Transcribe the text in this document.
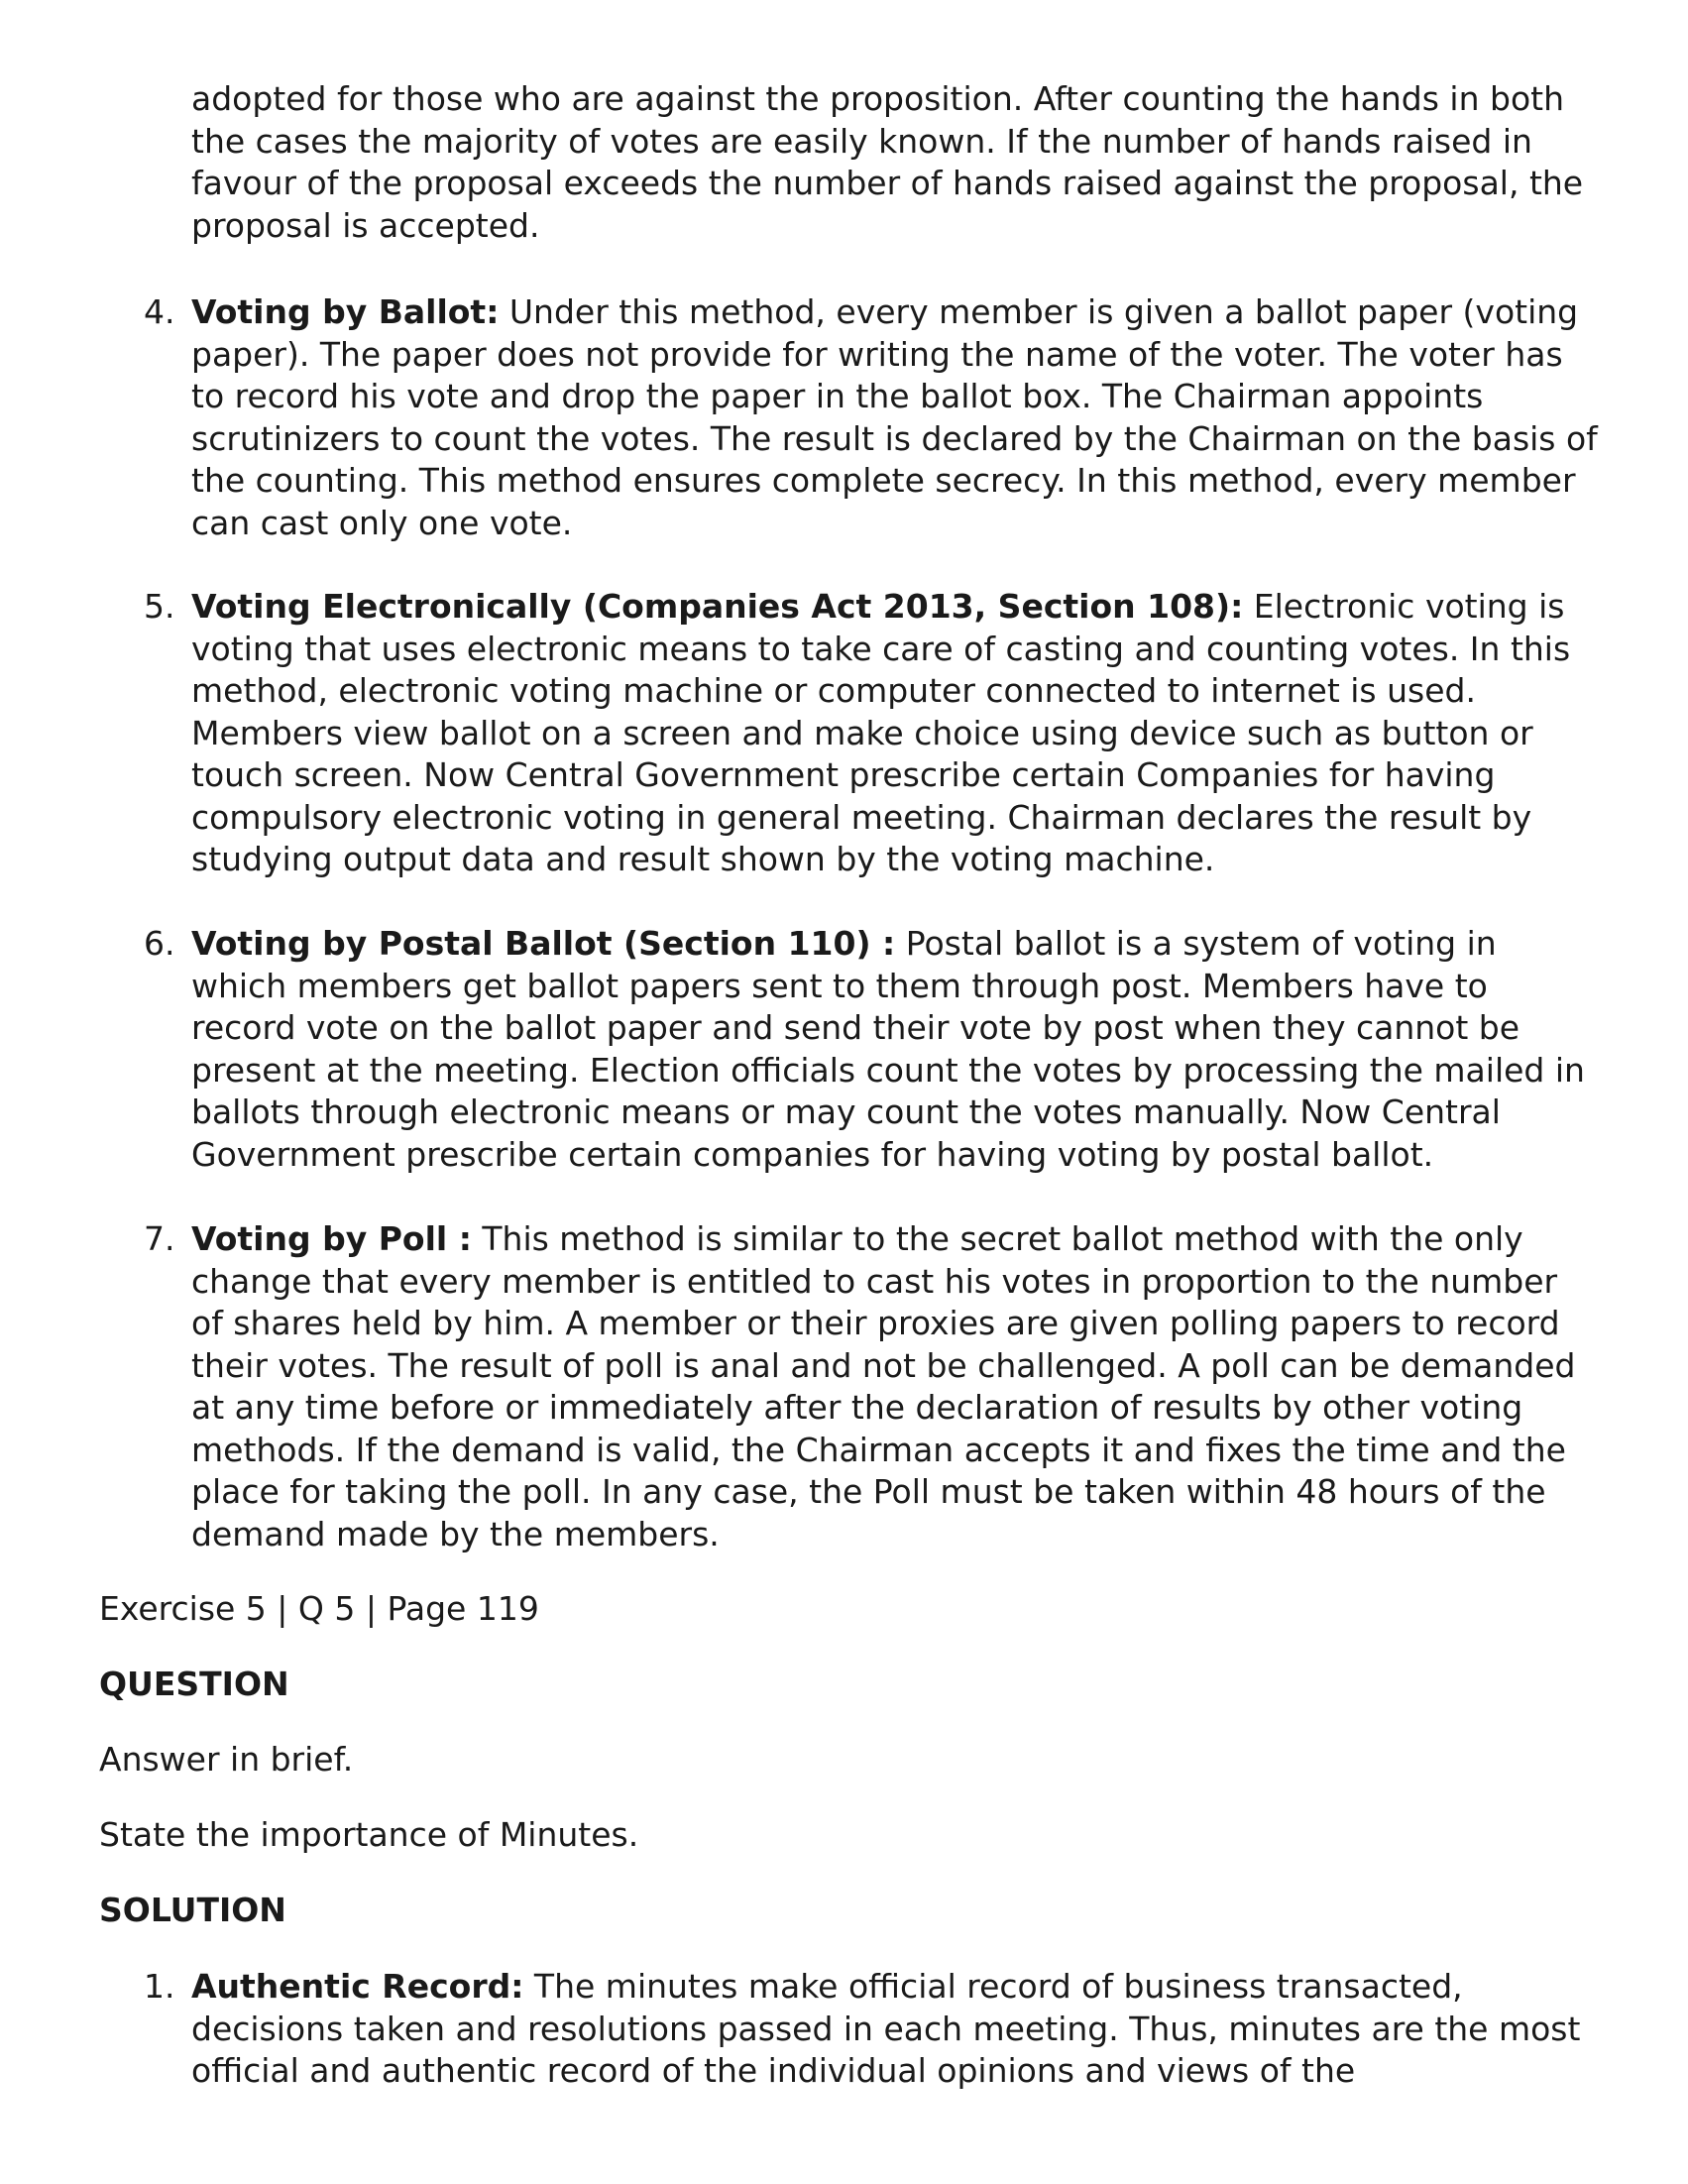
adopted for those who are against the proposition. After counting the hands in both the cases the majority of votes are easily known. If the number of hands raised in favour of the proposal exceeds the number of hands raised against the proposal, the proposal is accepted.

4. Voting by Ballot: Under this method, every member is given a ballot paper (voting paper). The paper does not provide for writing the name of the voter. The voter has to record his vote and drop the paper in the ballot box. The Chairman appoints scrutinizers to count the votes. The result is declared by the Chairman on the basis of the counting. This method ensures complete secrecy. In this method, every member can cast only one vote.

5. Voting Electronically (Companies Act 2013, Section 108): Electronic voting is voting that uses electronic means to take care of casting and counting votes. In this method, electronic voting machine or computer connected to internet is used. Members view ballot on a screen and make choice using device such as button or touch screen. Now Central Government prescribe certain Companies for having compulsory electronic voting in general meeting. Chairman declares the result by studying output data and result shown by the voting machine.

6. Voting by Postal Ballot (Section 110) : Postal ballot is a system of voting in which members get ballot papers sent to them through post. Members have to record vote on the ballot paper and send their vote by post when they cannot be present at the meeting. Election officials count the votes by processing the mailed in ballots through electronic means or may count the votes manually. Now Central Government prescribe certain companies for having voting by postal ballot.

7. Voting by Poll : This method is similar to the secret ballot method with the only change that every member is entitled to cast his votes in proportion to the number of shares held by him. A member or their proxies are given polling papers to record their votes. The result of poll is anal and not be challenged. A poll can be demanded at any time before or immediately after the declaration of results by other voting methods. If the demand is valid, the Chairman accepts it and fixes the time and the place for taking the poll. In any case, the Poll must be taken within 48 hours of the demand made by the members.

Exercise 5 | Q 5 | Page 119

QUESTION

Answer in brief.

State the importance of Minutes.

SOLUTION

1. Authentic Record: The minutes make official record of business transacted, decisions taken and resolutions passed in each meeting. Thus, minutes are the most official and authentic record of the individual opinions and views of the
